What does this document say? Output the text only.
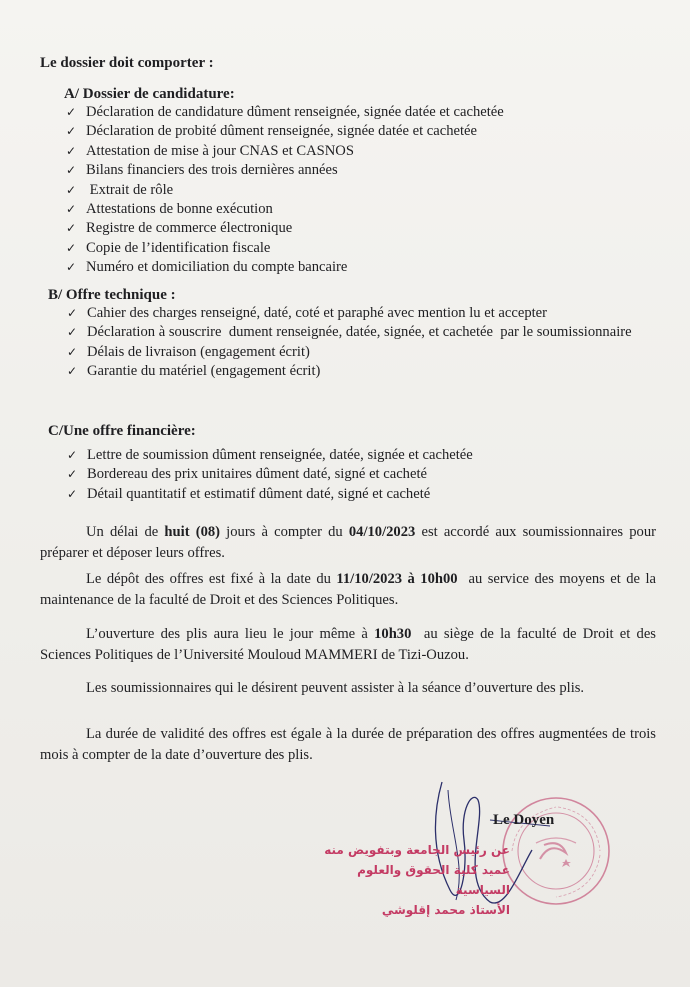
Le dossier doit comporter :
A/ Dossier de candidature:
✓ Déclaration de candidature dûment renseignée, signée datée et cachetée
✓ Déclaration de probité dûment renseignée, signée datée et cachetée
✓ Attestation de mise à jour CNAS et CASNOS
✓ Bilans financiers des trois dernières années
✓ Extrait de rôle
✓ Attestations de bonne exécution
✓ Registre de commerce électronique
✓ Copie de l’identification fiscale
✓ Numéro et domiciliation du compte bancaire
B/ Offre technique :
✓ Cahier des charges renseigné, daté, coté et paraphé avec mention lu et accepter
✓ Déclaration à souscrire  dument renseignée, datée, signée, et cachetée  par le soumissionnaire
✓ Délais de livraison (engagement écrit)
✓ Garantie du matériel (engagement écrit)
C/Une offre financière:
✓ Lettre de soumission dûment renseignée, datée, signée et cachetée
✓ Bordereau des prix unitaires dûment daté, signé et cacheté
✓ Détail quantitatif et estimatif dûment daté, signé et cacheté

Un délai de huit (08) jours à compter du 04/10/2023 est accordé aux soumissionnaires pour préparer et déposer leurs offres.

Le dépôt des offres est fixé à la date du 11/10/2023 à 10h00  au service des moyens et de la maintenance de la faculté de Droit et des Sciences Politiques.

L’ouverture des plis aura lieu le jour même à 10h30  au siège de la faculté de Droit et des Sciences Politiques de l’Université Mouloud MAMMERI de Tizi-Ouzou.

Les soumissionnaires qui le désirent peuvent assister à la séance d’ouverture des plis.

La durée de validité des offres est égale à la durée de préparation des offres augmentées de trois mois à compter de la date d’ouverture des plis.

Le Doyen
عن رئيس الجامعة وبتفويض منه
عميد كلية الحقوق والعلوم السياسية
الأستاذ محمد إقلوشي
